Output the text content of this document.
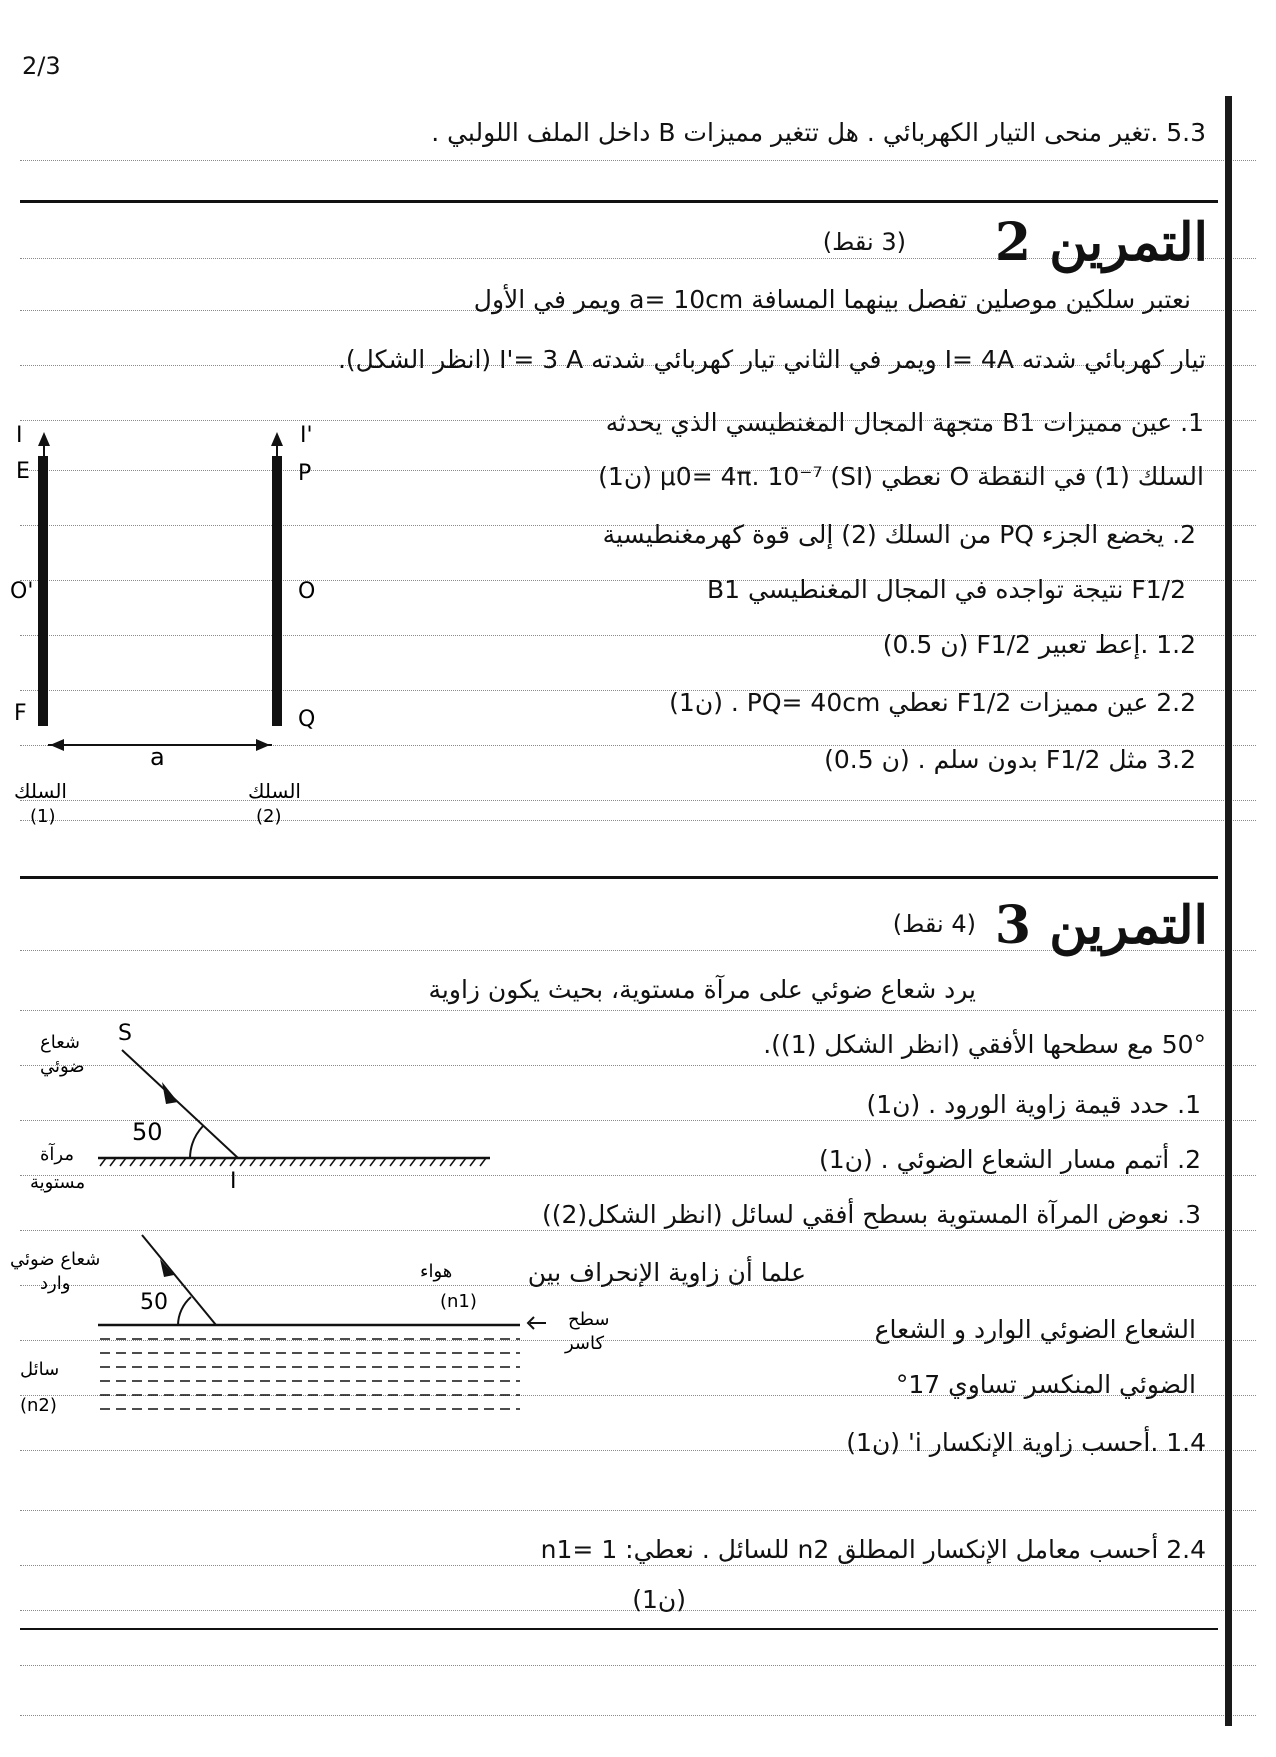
2/3
5.3 .تغير منحى التيار الكهربائي . هل تتغير مميزات B داخل الملف اللولبي .
التمرين 2
(3 نقط)
نعتبر سلكين موصلين تفصل بينهما المسافة a= 10cm ويمر في الأول
تيار كهربائي شدته I= 4A ويمر في الثاني تيار كهربائي شدته I'= 3 A (انظر الشكل).
1. عين مميزات B1 متجهة المجال المغنطيسي الذي يحدثه
السلك (1) في النقطة O نعطي μ0= 4π. 10⁻⁷ (SI) (ن1)
2. يخضع الجزء PQ من السلك (2) إلى قوة كهرمغنطيسية
F1/2 نتيجة تواجده في المجال المغنطيسي B1
1.2 .إعط تعبير F1/2 (ن 0.5)
2.2 عين مميزات F1/2 نعطي PQ= 40cm . (ن1)
3.2 مثل F1/2 بدون سلم . (ن 0.5)
I
E
O'
F
I'
P
O
Q
a
السلك
(1)
السلك
(2)
التمرين 3
(4 نقط)
يرد شعاع ضوئي على مرآة مستوية، بحيث يكون زاوية
50° مع سطحها الأفقي (انظر الشكل (1)).
1. حدد قيمة زاوية الورود . (ن1)
2. أتمم مسار الشعاع الضوئي . (ن1)
3. نعوض المرآة المستوية بسطح أفقي لسائل (انظر الشكل(2))
علما أن زاوية الإنحراف بين
الشعاع الضوئي الوارد و الشعاع
الضوئي المنكسر تساوي 17°
1.4 .أحسب زاوية الإنكسار i' (ن1)
2.4 أحسب معامل الإنكسار المطلق n2 للسائل . نعطي: n1= 1
(ن1)
S
شعاع
ضوئي
50
I
مرآة
مستوية
شعاع ضوئي
وارد
50
هواء
(n1)
سائل
(n2)
سطح
كاسر
